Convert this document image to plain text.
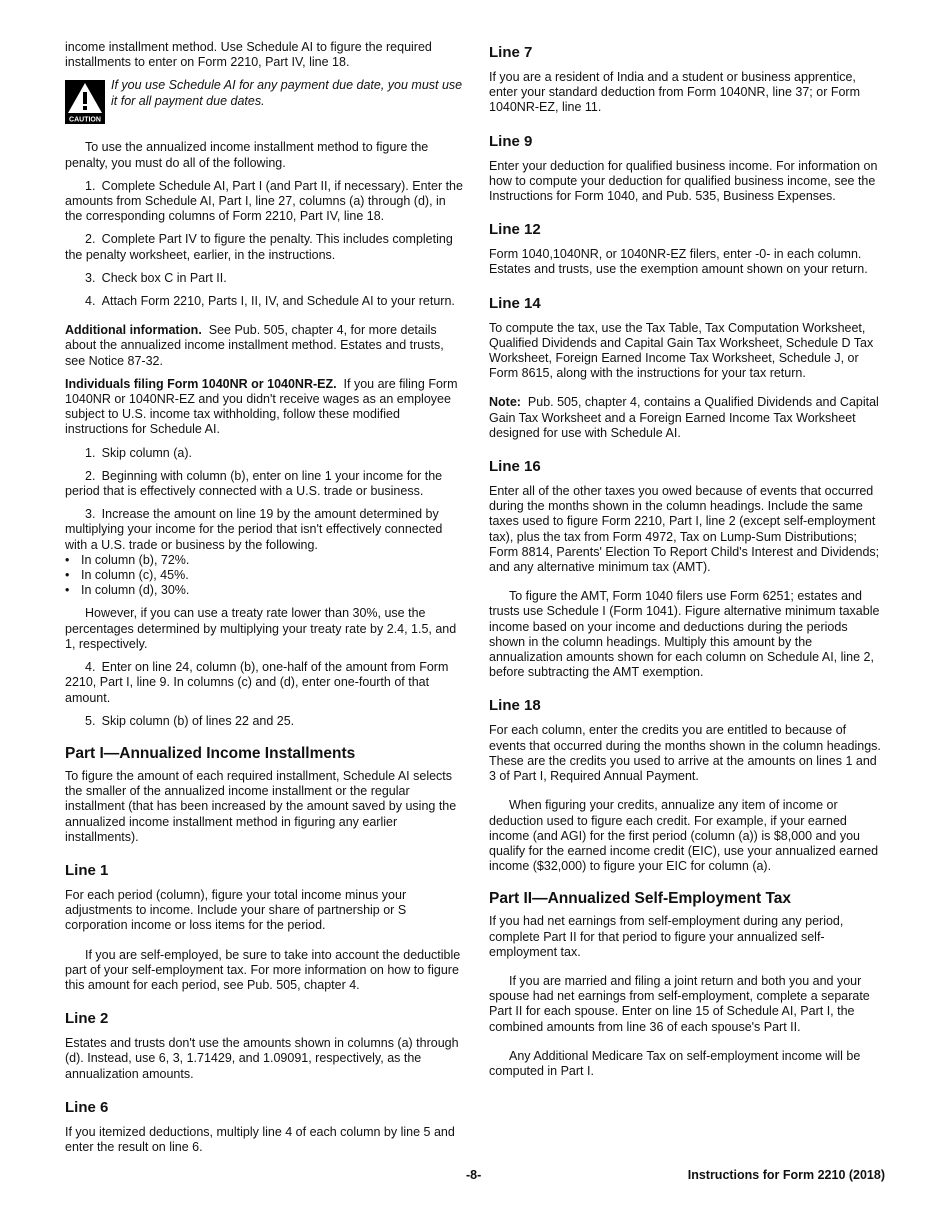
income installment method. Use Schedule AI to figure the required installments to enter on Form 2210, Part IV, line 18.

CAUTION
If you use Schedule AI for any payment due date, you must use it for all payment due dates.

To use the annualized income installment method to figure the penalty, you must do all of the following.

1. Complete Schedule AI, Part I (and Part II, if necessary). Enter the amounts from Schedule AI, Part I, line 27, columns (a) through (d), in the corresponding columns of Form 2210, Part IV, line 18.

2. Complete Part IV to figure the penalty. This includes completing the penalty worksheet, earlier, in the instructions.

3. Check box C in Part II.

4. Attach Form 2210, Parts I, II, IV, and Schedule AI to your return.

Additional information. See Pub. 505, chapter 4, for more details about the annualized income installment method. Estates and trusts, see Notice 87-32.

Individuals filing Form 1040NR or 1040NR-EZ. If you are filing Form 1040NR or 1040NR-EZ and you didn't receive wages as an employee subject to U.S. income tax withholding, follow these modified instructions for Schedule AI.

1. Skip column (a).

2. Beginning with column (b), enter on line 1 your income for the period that is effectively connected with a U.S. trade or business.

3. Increase the amount on line 19 by the amount determined by multiplying your income for the period that isn't effectively connected with a U.S. trade or business by the following.

• In column (b), 72%.
• In column (c), 45%.
• In column (d), 30%.

However, if you can use a treaty rate lower than 30%, use the percentages determined by multiplying your treaty rate by 2.4, 1.5, and 1, respectively.

4. Enter on line 24, column (b), one-half of the amount from Form 2210, Part I, line 9. In columns (c) and (d), enter one-fourth of that amount.

5. Skip column (b) of lines 22 and 25.

Part I—Annualized Income Installments

To figure the amount of each required installment, Schedule AI selects the smaller of the annualized income installment or the regular installment (that has been increased by the amount saved by using the annualized income installment method in figuring any earlier installments).

Line 1

For each period (column), figure your total income minus your adjustments to income. Include your share of partnership or S corporation income or loss items for the period.

If you are self-employed, be sure to take into account the deductible part of your self-employment tax. For more information on how to figure this amount for each period, see Pub. 505, chapter 4.

Line 2

Estates and trusts don't use the amounts shown in columns (a) through (d). Instead, use 6, 3, 1.71429, and 1.09091, respectively, as the annualization amounts.

Line 6

If you itemized deductions, multiply line 4 of each column by line 5 and enter the result on line 6.

Line 7

If you are a resident of India and a student or business apprentice, enter your standard deduction from Form 1040NR, line 37; or Form 1040NR-EZ, line 11.

Line 9

Enter your deduction for qualified business income. For information on how to compute your deduction for qualified business income, see the Instructions for Form 1040, and Pub. 535, Business Expenses.

Line 12

Form 1040,1040NR, or 1040NR-EZ filers, enter -0- in each column. Estates and trusts, use the exemption amount shown on your return.

Line 14

To compute the tax, use the Tax Table, Tax Computation Worksheet, Qualified Dividends and Capital Gain Tax Worksheet, Schedule D Tax Worksheet, Foreign Earned Income Tax Worksheet, Schedule J, or Form 8615, along with the instructions for your tax return.

Note: Pub. 505, chapter 4, contains a Qualified Dividends and Capital Gain Tax Worksheet and a Foreign Earned Income Tax Worksheet designed for use with Schedule AI.

Line 16

Enter all of the other taxes you owed because of events that occurred during the months shown in the column headings. Include the same taxes used to figure Form 2210, Part I, line 2 (except self-employment tax), plus the tax from Form 4972, Tax on Lump-Sum Distributions; Form 8814, Parents' Election To Report Child's Interest and Dividends; and any alternative minimum tax (AMT).

To figure the AMT, Form 1040 filers use Form 6251; estates and trusts use Schedule I (Form 1041). Figure alternative minimum taxable income based on your income and deductions during the periods shown in the column headings. Multiply this amount by the annualization amounts shown for each column on Schedule AI, line 2, before subtracting the AMT exemption.

Line 18

For each column, enter the credits you are entitled to because of events that occurred during the months shown in the column headings. These are the credits you used to arrive at the amounts on lines 1 and 3 of Part I, Required Annual Payment.

When figuring your credits, annualize any item of income or deduction used to figure each credit. For example, if your earned income (and AGI) for the first period (column (a)) is $8,000 and you qualify for the earned income credit (EIC), use your annualized earned income ($32,000) to figure your EIC for column (a).

Part II—Annualized Self-Employment Tax

If you had net earnings from self-employment during any period, complete Part II for that period to figure your annualized self-employment tax.

If you are married and filing a joint return and both you and your spouse had net earnings from self-employment, complete a separate Part II for each spouse. Enter on line 15 of Schedule AI, Part I, the combined amounts from line 36 of each spouse's Part II.

Any Additional Medicare Tax on self-employment income will be computed in Part I.

-8-	Instructions for Form 2210 (2018)
